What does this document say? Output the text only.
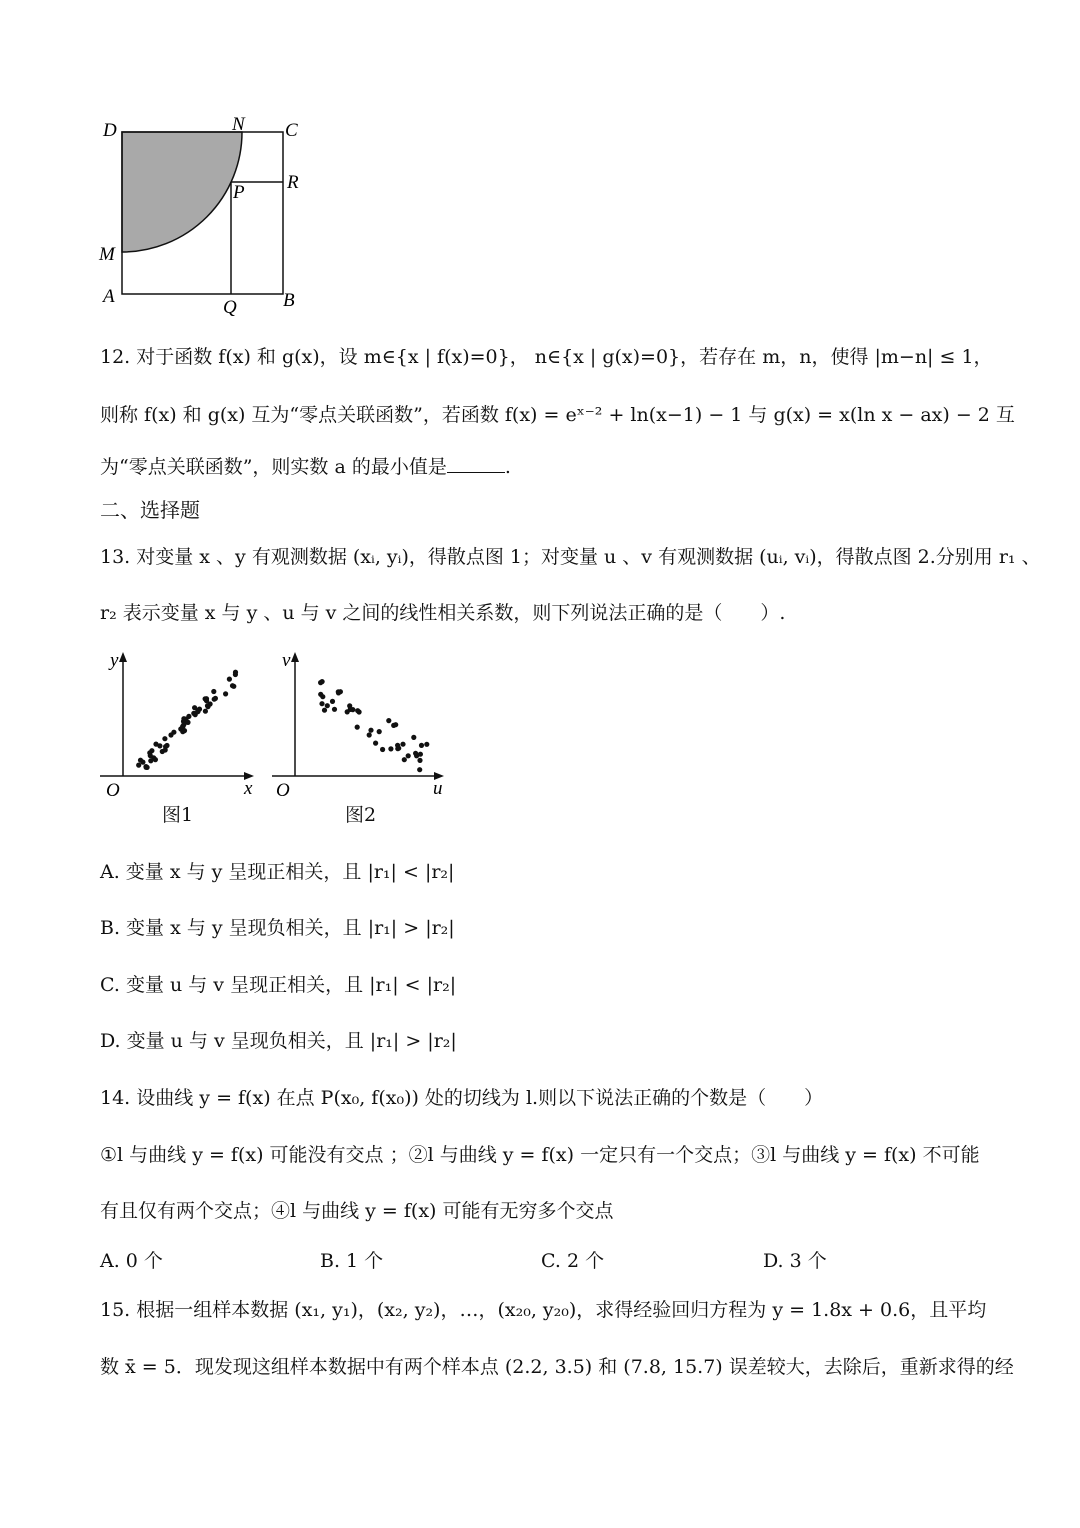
D	N C
R
P
M
A
Q B
12. 对于函数 f(x) 和 g(x)，设 m∈{x | f(x)=0}， n∈{x | g(x)=0}，若存在 m，n，使得 |m−n| ≤ 1，
则称 f(x) 和 g(x) 互为“零点关联函数”，若函数 f(x) = eˣ⁻² + ln(x−1) − 1 与 g(x) = x(ln x − ax) − 2 互
为“零点关联函数”，则实数 a 的最小值是	.
二、选择题
13. 对变量 x 、y 有观测数据 (xᵢ, yᵢ)，得散点图 1；对变量 u 、v 有观测数据 (uᵢ, vᵢ)，得散点图 2.分别用 r₁ 、
r₂ 表示变量 x 与 y 、u 与 v 之间的线性相关系数，则下列说法正确的是（　　）.
y
x
O
图1
v
u
O
图2
A. 变量 x 与 y 呈现正相关，且 |r₁| < |r₂|
B. 变量 x 与 y 呈现负相关，且 |r₁| > |r₂|
C. 变量 u 与 v 呈现正相关，且 |r₁| < |r₂|
D. 变量 u 与 v 呈现负相关，且 |r₁| > |r₂|
14. 设曲线 y = f(x) 在点 P(x₀, f(x₀)) 处的切线为 l.则以下说法正确的个数是（　　）
①l 与曲线 y = f(x) 可能没有交点 ；②l 与曲线 y = f(x) 一定只有一个交点；③l 与曲线 y = f(x) 不可能
有且仅有两个交点；④l 与曲线 y = f(x) 可能有无穷多个交点
A. 0 个	B. 1 个	C. 2 个	D. 3 个
15. 根据一组样本数据 (x₁, y₁)，(x₂, y₂)，…，(x₂₀, y₂₀)，求得经验回归方程为 y = 1.8x + 0.6，且平均
数 x̄ = 5．现发现这组样本数据中有两个样本点 (2.2, 3.5) 和 (7.8, 15.7) 误差较大，去除后，重新求得的经
